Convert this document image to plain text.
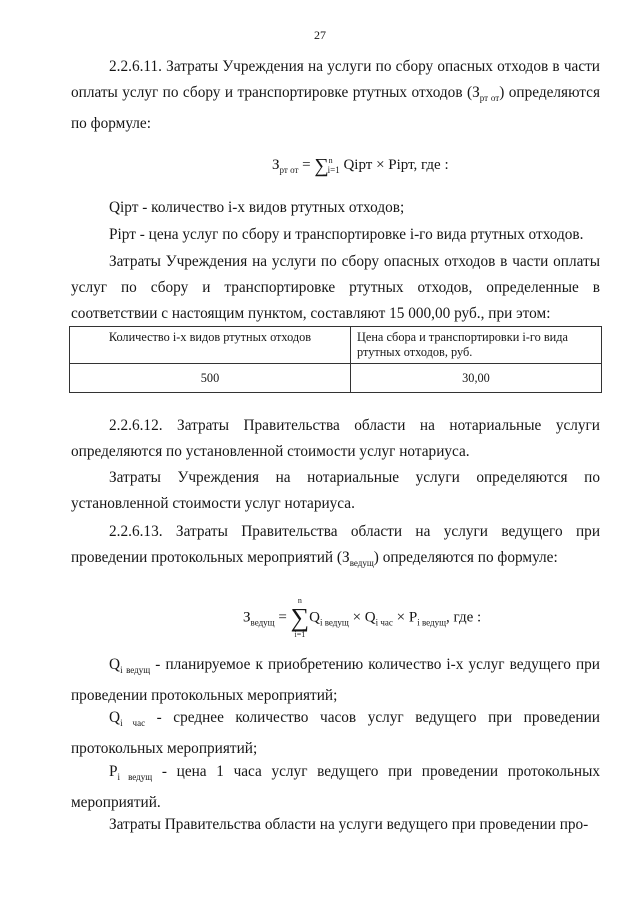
27

2.2.6.11. Затраты Учреждения на услуги по сбору опасных отходов в части оплаты услуг по сбору и транспортировке ртутных отходов $(З_{рт от})$ определяются по формуле:

$З_{рт от} = \sum^n_{i=1}$ Qiрт × Piрт, где :

Qiрт - количество i-х видов ртутных отходов;

Piрт - цена услуг по сбору и транспортировке i-го вида ртутных отходов.

Затраты Учреждения на услуги по сбору опасных отходов в части оплаты услуг по сбору и транспортировке ртутных отходов, определенные в соответствии с настоящим пунктом, составляют 15 000,00 руб., при этом:

Количество i-х видов ртутных отходов	Цена сбора и транспортировки i-го вида ртутных отходов, руб.
500	30,00

2.2.6.12. Затраты Правительства области на нотариальные услуги определяются по установленной стоимости услуг нотариуса.

Затраты Учреждения на нотариальные услуги определяются по установленной стоимости услуг нотариуса.

2.2.6.13. Затраты Правительства области на услуги ведущего при проведении протокольных мероприятий $(З_{ведущ})$ определяются по формуле:

$З_{ведущ}$ =
n
∑
i=1
$Q_{i ведущ} \times Q_{i час} \times P_{i ведущ}$, где :

$Q_{i ведущ}$ - планируемое к приобретению количество i-х услуг ведущего при проведении протокольных мероприятий;

$Q_{i час}$ - среднее количество часов услуг ведущего при проведении протокольных мероприятий;

$P_{i ведущ}$ - цена 1 часа услуг ведущего при проведении протокольных мероприятий.

Затраты Правительства области на услуги ведущего при проведении про-
